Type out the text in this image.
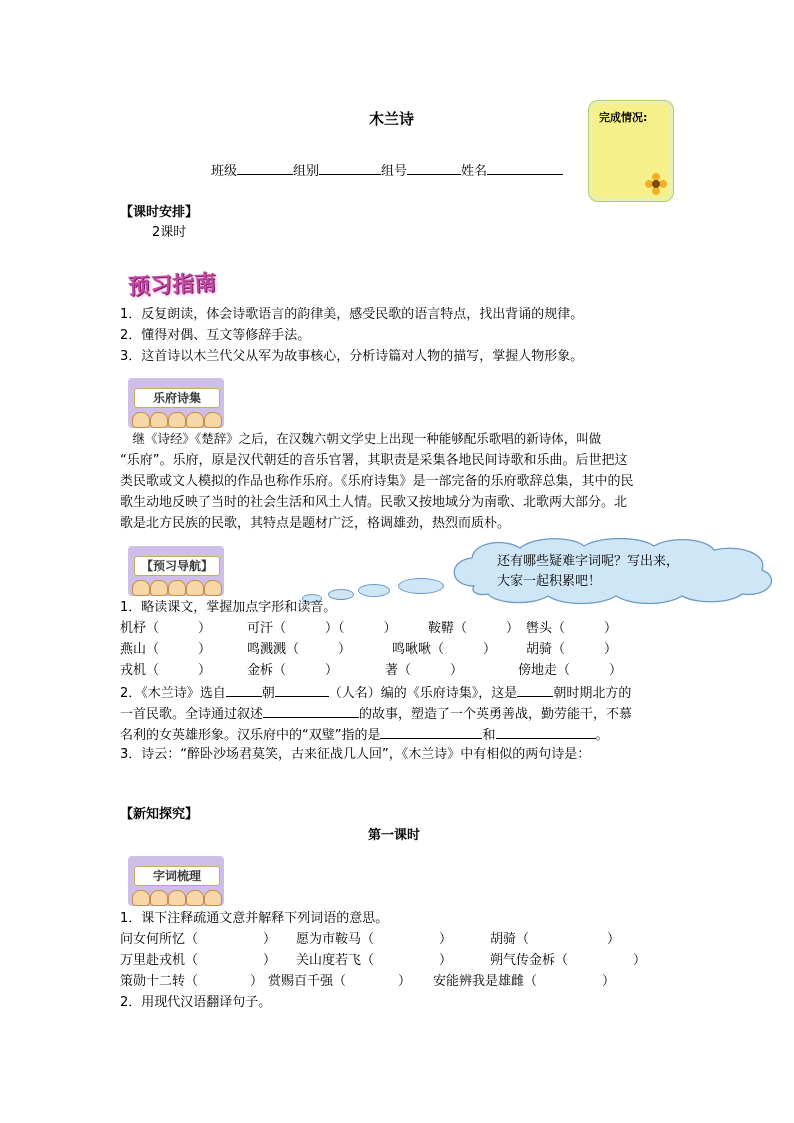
木兰诗	完成情况:
班级	组别	组号	姓名
【课时安排】
2课时
预习指南
1．反复朗读，体会诗歌语言的韵律美，感受民歌的语言特点，找出背诵的规律。
2．懂得对偶、互文等修辞手法。
3．这首诗以木兰代父从军为故事核心，分析诗篇对人物的描写，掌握人物形象。
乐府诗集
　继《诗经》《楚辞》之后，在汉魏六朝文学史上出现一种能够配乐歌唱的新诗体，叫做
“乐府”。乐府，原是汉代朝廷的音乐官署，其职责是采集各地民间诗歌和乐曲。后世把这
类民歌或文人模拟的作品也称作乐府。《乐府诗集》是一部完备的乐府歌辞总集，其中的民
歌生动地反映了当时的社会生活和风土人情。民歌又按地域分为南歌、北歌两大部分。北
歌是北方民族的民歌，其特点是题材广泛，格调雄劲，热烈而质朴。
【预习导航】	还有哪些疑难字词呢？写出来，
大家一起积累吧！
1．略读课文，掌握加点字形和读音。
机杼（　　　）	可汗（　　　）（　　　） 鞍鞯（　　　） 辔头（　　　）
燕山（　　　）	鸣溅溅（　　　）	鸣啾啾（　　　） 胡骑（　　　）
戎机（　　　）	金柝（　　　）	著（　　　）	傍地走（　　　）
2．《木兰诗》选自	朝	（人名）编的《乐府诗集》，这是	朝时期北方的
一首民歌。全诗通过叙述	的故事，塑造了一个英勇善战，勤劳能干，不慕
名利的女英雄形象。汉乐府中的“双璧”指的是	和	。
3．诗云：“醉卧沙场君莫笑，古来征战几人回”，《木兰诗》中有相似的两句诗是：
【新知探究】
第一课时
字词梳理
1．课下注释疏通文意并解释下列词语的意思。
问女何所忆（　　　　　） 愿为市鞍马（　　　　　）	胡骑（　　　　　　）
万里赴戎机（　　　　　） 关山度若飞（　　　　　）	朔气传金柝（　　　　　）
策勋十二转（　　　　） 赏赐百千强（　　　　） 安能辨我是雄雌（　　　　　）
2．用现代汉语翻译句子。
